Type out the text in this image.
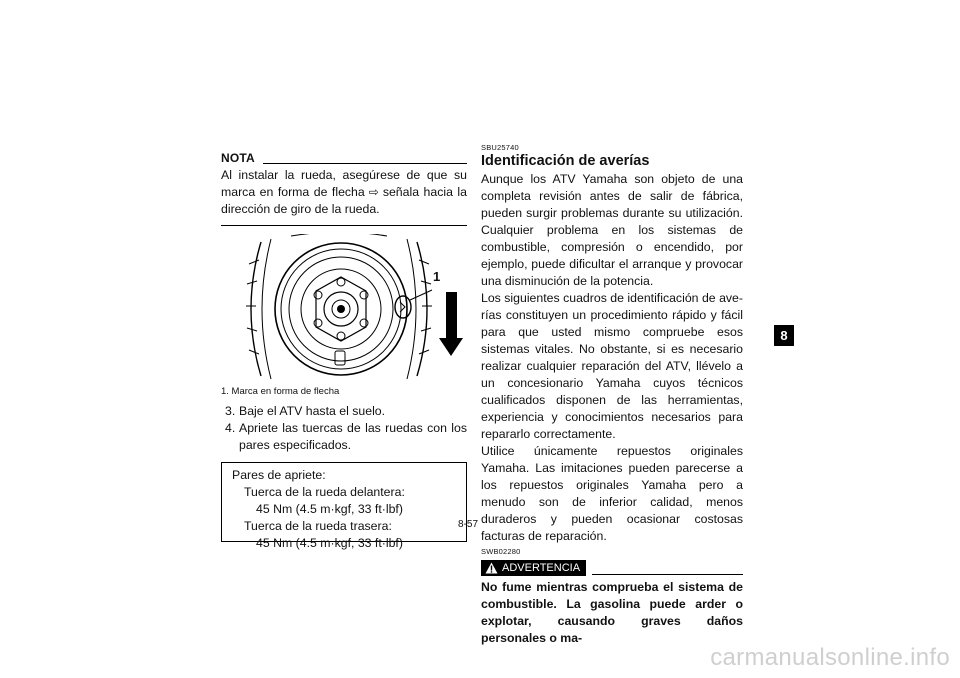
NOTA
Al instalar la rueda, asegúrese de que su marca en forma de flecha ⇨ señala hacia la dirección de giro de la rueda.
1
1. Marca en forma de flecha
3. Baje el ATV hasta el suelo.
4. Apriete las tuercas de las ruedas con los pares especificados.
Pares de apriete:
Tuerca de la rueda delantera:
45 Nm (4.5 m·kgf, 33 ft·lbf)
Tuerca de la rueda trasera:
45 Nm (4.5 m·kgf, 33 ft·lbf)
SBU25740
Identificación de averías
Aunque los ATV Yamaha son objeto de una completa revisión antes de salir de fábrica, pueden surgir problemas durante su utilización. Cualquier problema en los sistemas de combustible, compresión o encendido, por ejemplo, puede dificultar el arranque y provocar una disminución de la potencia.
Los siguientes cuadros de identificación de averías constituyen un procedimiento rápido y fácil para que usted mismo compruebe esos sistemas vitales. No obstante, si es necesario realizar cualquier reparación del ATV, llévelo a un concesionario Yamaha cuyos técnicos cualificados disponen de las herramientas, experiencia y conocimientos necesarios para repararlo correctamente.
Utilice únicamente repuestos originales Yamaha. Las imitaciones pueden parecerse a los repuestos originales Yamaha pero a menudo son de inferior calidad, menos duraderos y pueden ocasionar costosas facturas de reparación.
SWB02280
ADVERTENCIA
No fume mientras comprueba el sistema de combustible. La gasolina puede arder o explotar, causando graves daños personales o ma-
8-57
8
carmanualsonline.info
